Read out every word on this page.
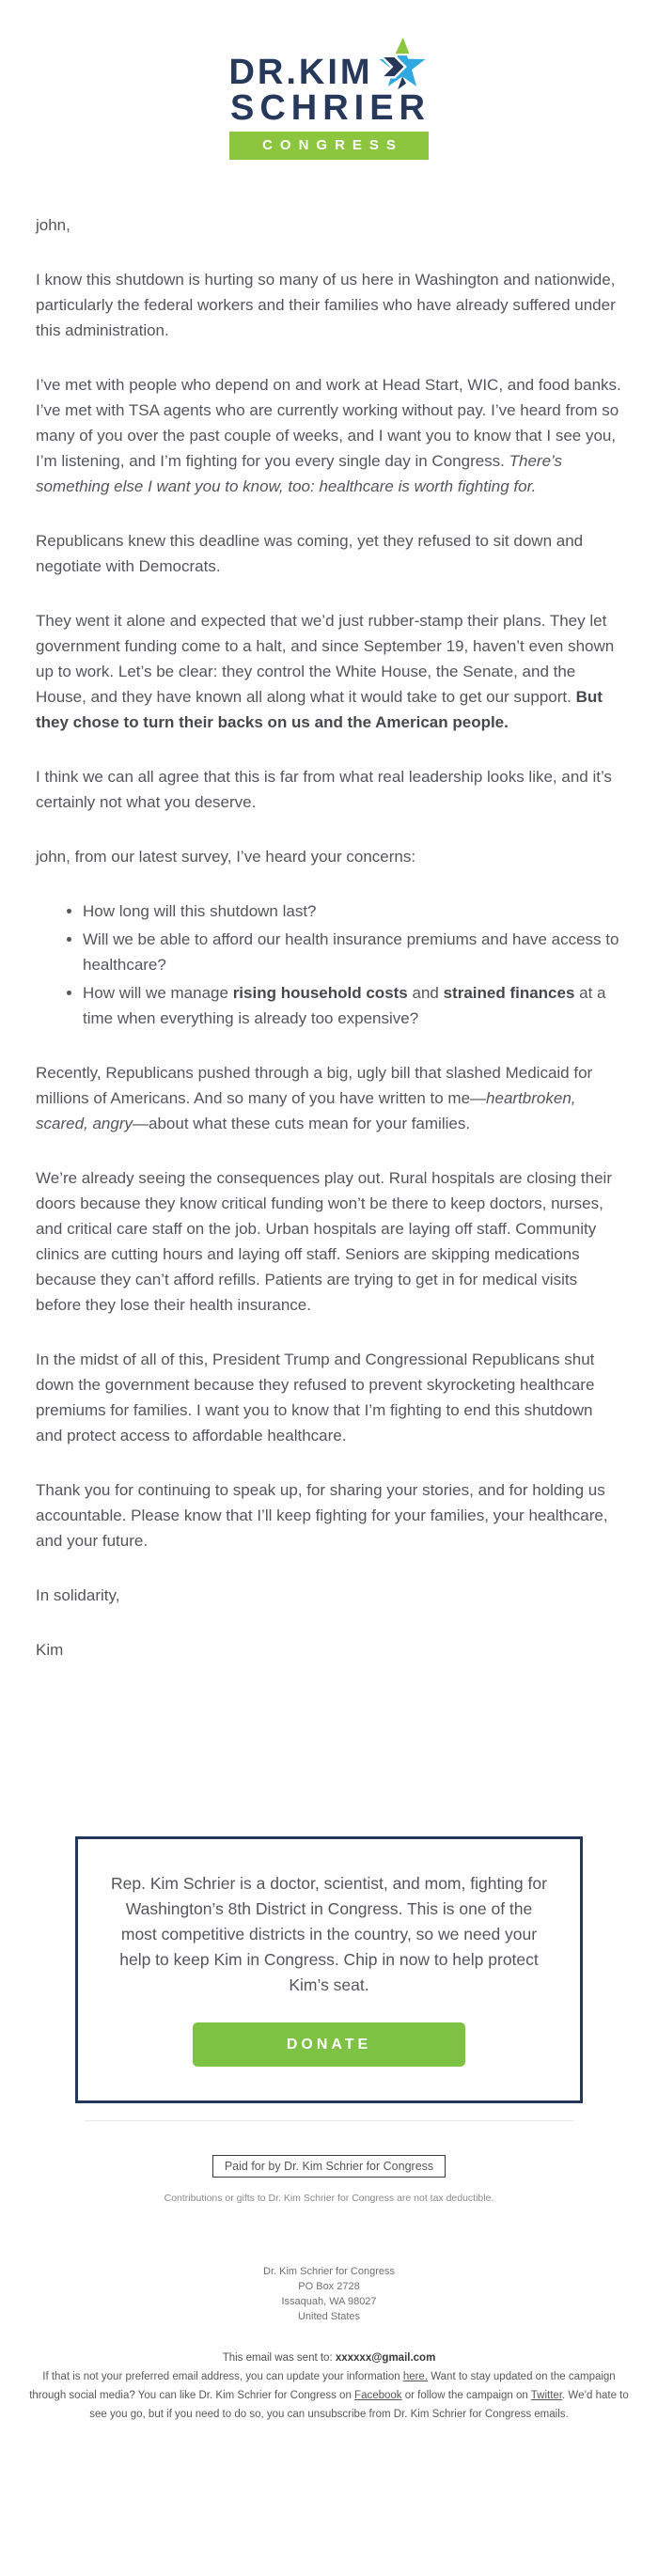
DR.KIM
SCHRIER
CONGRESS

john,

I know this shutdown is hurting so many of us here in Washington and nationwide, particularly the federal workers and their families who have already suffered under this administration.

I’ve met with people who depend on and work at Head Start, WIC, and food banks. I’ve met with TSA agents who are currently working without pay. I’ve heard from so many of you over the past couple of weeks, and I want you to know that I see you, I’m listening, and I’m fighting for you every single day in Congress. There’s something else I want you to know, too: healthcare is worth fighting for.

Republicans knew this deadline was coming, yet they refused to sit down and negotiate with Democrats.

They went it alone and expected that we’d just rubber-stamp their plans. They let government funding come to a halt, and since September 19, haven’t even shown up to work. Let’s be clear: they control the White House, the Senate, and the House, and they have known all along what it would take to get our support. But they chose to turn their backs on us and the American people.

I think we can all agree that this is far from what real leadership looks like, and it’s certainly not what you deserve.

john, from our latest survey, I’ve heard your concerns:

• How long will this shutdown last?
• Will we be able to afford our health insurance premiums and have access to healthcare?
• How will we manage rising household costs and strained finances at a time when everything is already too expensive?

Recently, Republicans pushed through a big, ugly bill that slashed Medicaid for millions of Americans. And so many of you have written to me—heartbroken, scared, angry—about what these cuts mean for your families.

We’re already seeing the consequences play out. Rural hospitals are closing their doors because they know critical funding won’t be there to keep doctors, nurses, and critical care staff on the job. Urban hospitals are laying off staff. Community clinics are cutting hours and laying off staff. Seniors are skipping medications because they can’t afford refills. Patients are trying to get in for medical visits before they lose their health insurance.

In the midst of all of this, President Trump and Congressional Republicans shut down the government because they refused to prevent skyrocketing healthcare premiums for families. I want you to know that I’m fighting to end this shutdown and protect access to affordable healthcare.

Thank you for continuing to speak up, for sharing your stories, and for holding us accountable. Please know that I’ll keep fighting for your families, your healthcare, and your future.

In solidarity,

Kim

Rep. Kim Schrier is a doctor, scientist, and mom, fighting for Washington’s 8th District in Congress. This is one of the most competitive districts in the country, so we need your help to keep Kim in Congress. Chip in now to help protect Kim’s seat.
DONATE
Paid for by Dr. Kim Schrier for Congress
Contributions or gifts to Dr. Kim Schrier for Congress are not tax deductible.
Dr. Kim Schrier for Congress
PO Box 2728
Issaquah, WA 98027
United States
This email was sent to: xxxxxx@gmail.com
If that is not your preferred email address, you can update your information here. Want to stay updated on the campaign through social media? You can like Dr. Kim Schrier for Congress on Facebook or follow the campaign on Twitter. We’d hate to see you go, but if you need to do so, you can unsubscribe from Dr. Kim Schrier for Congress emails.
